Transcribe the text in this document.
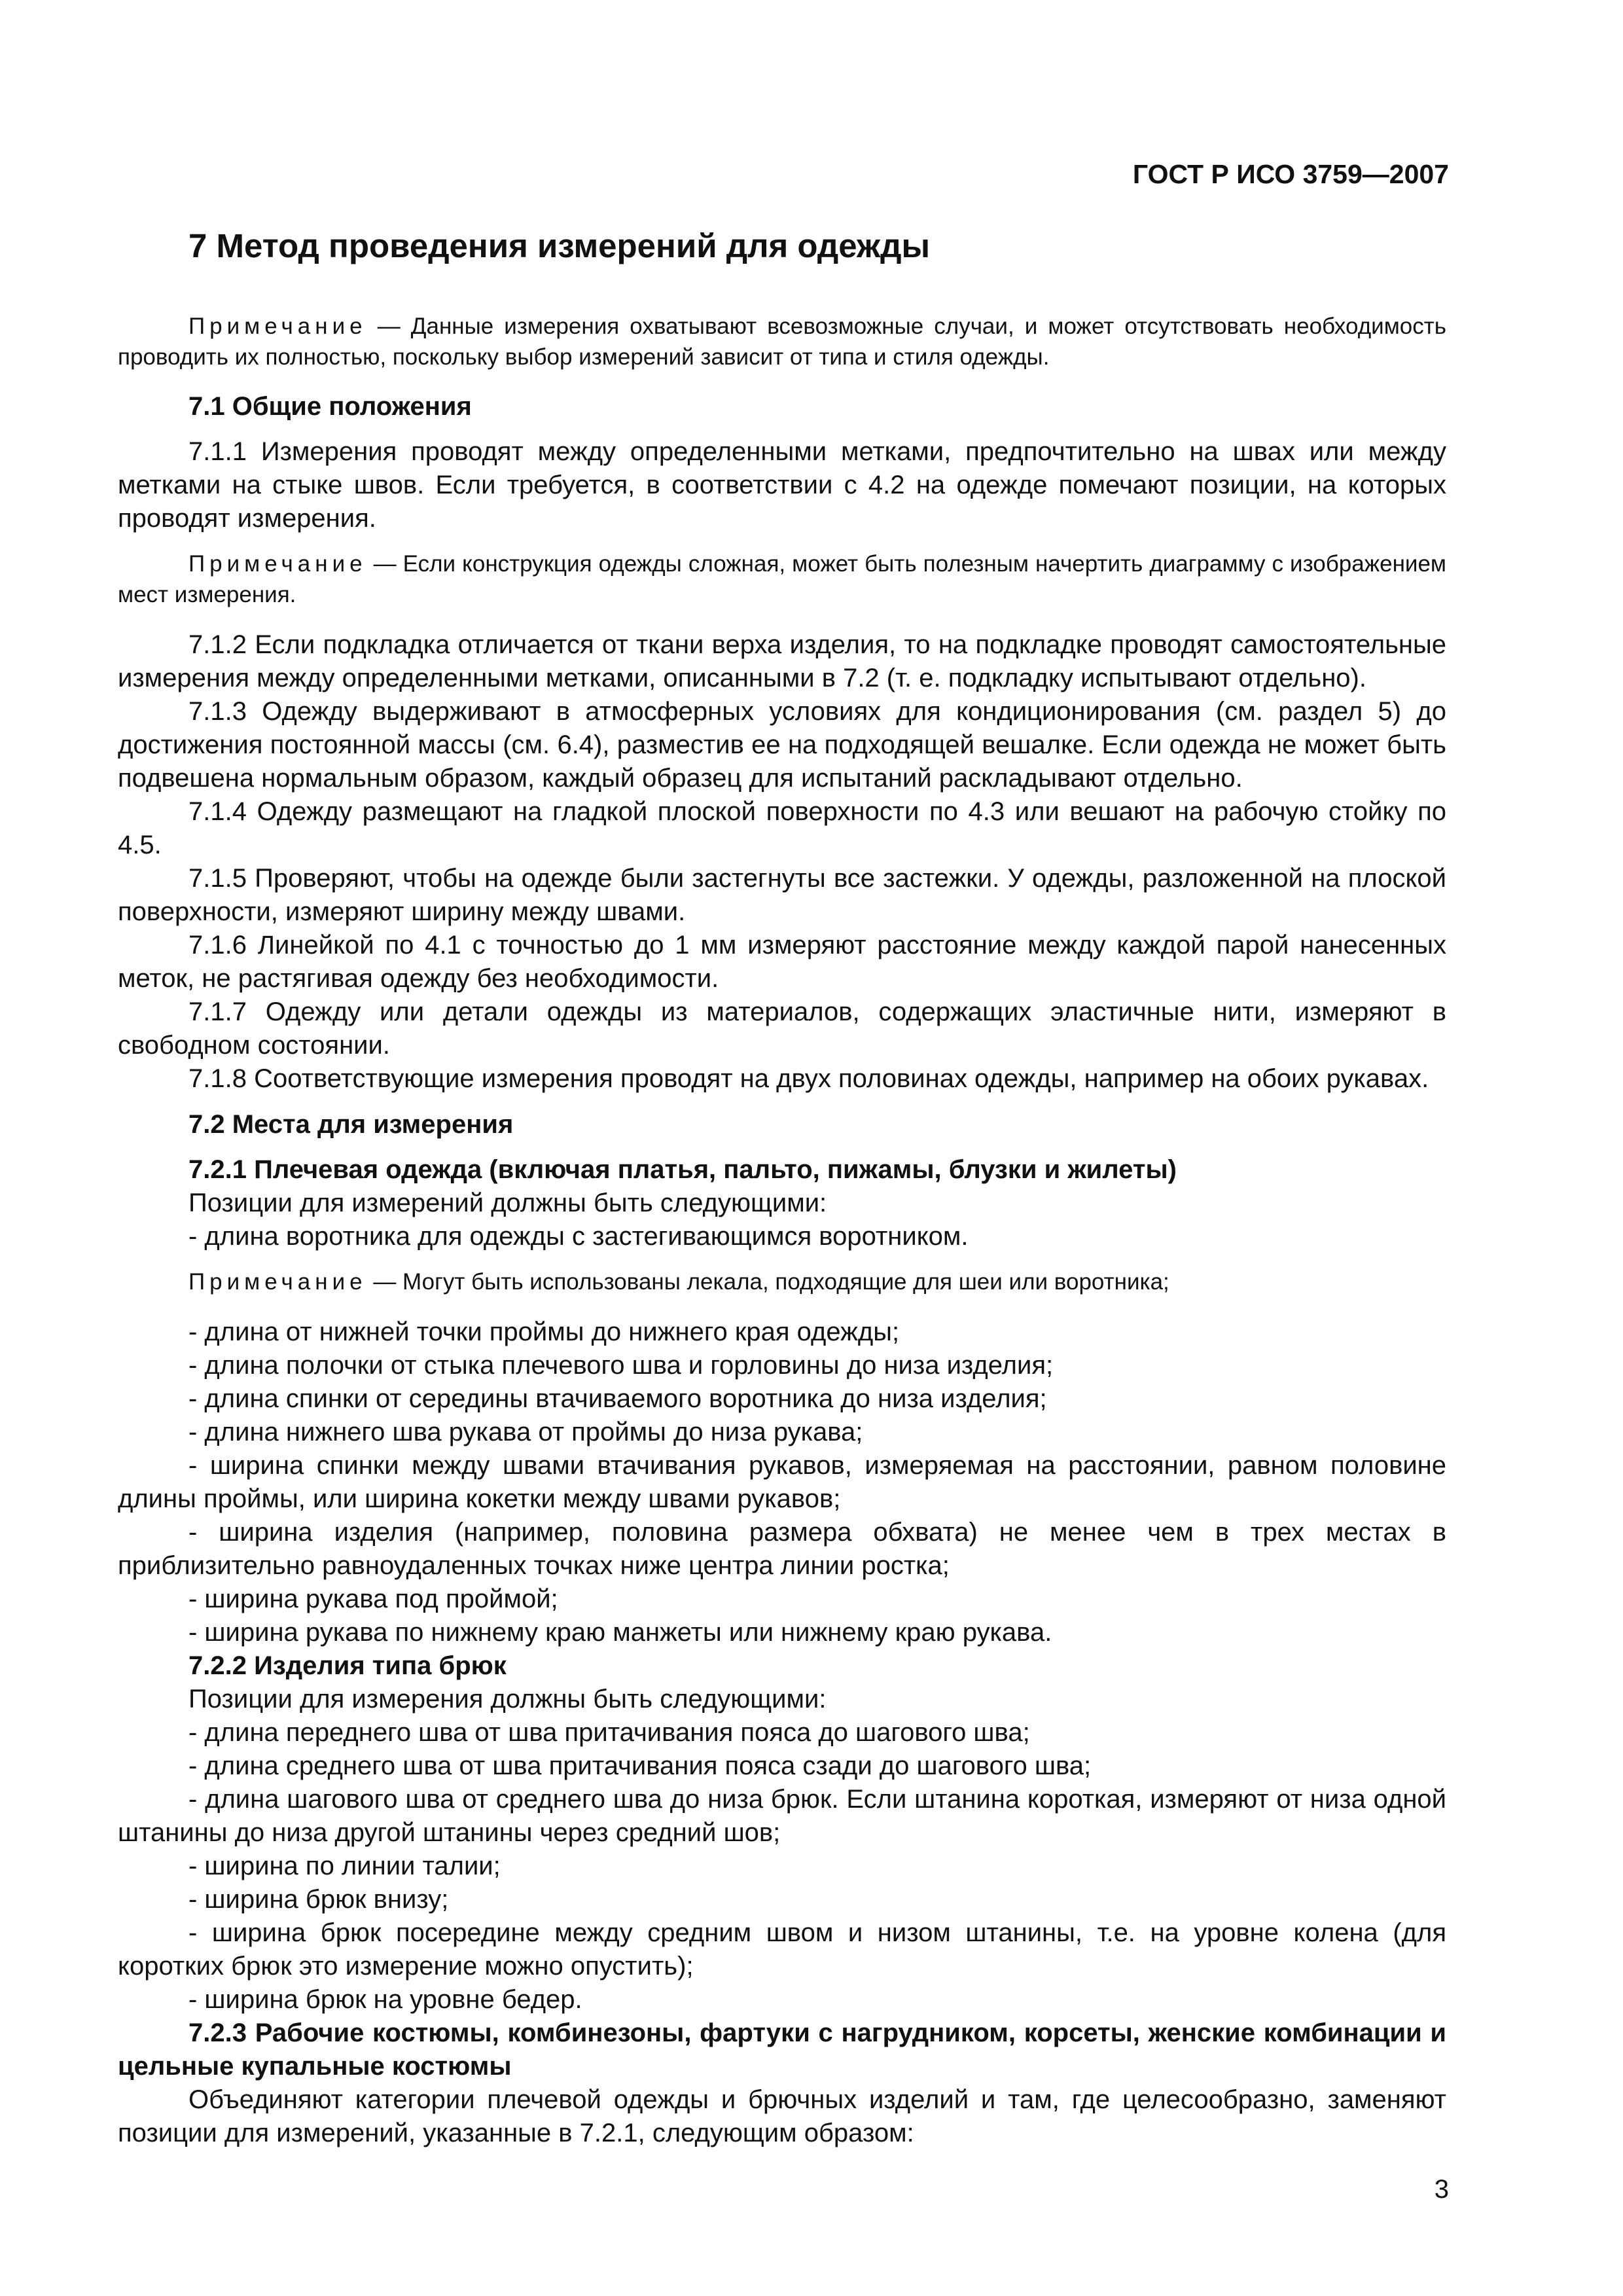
ГОСТ Р ИСО 3759—2007
7 Метод проведения измерений для одежды

Примечание — Данные измерения охватывают всевозможные случаи, и может отсутствовать необходимость проводить их полностью, поскольку выбор измерений зависит от типа и стиля одежды.

7.1 Общие положения

7.1.1 Измерения проводят между определенными метками, предпочтительно на швах или между метками на стыке швов. Если требуется, в соответствии с 4.2 на одежде помечают позиции, на которых проводят измерения.

Примечание — Если конструкция одежды сложная, может быть полезным начертить диаграмму с изображением мест измерения.

7.1.2 Если подкладка отличается от ткани верха изделия, то на подкладке проводят самостоятельные измерения между определенными метками, описанными в 7.2 (т. е. подкладку испытывают отдельно).

7.1.3 Одежду выдерживают в атмосферных условиях для кондиционирования (см. раздел 5) до достижения постоянной массы (см. 6.4), разместив ее на подходящей вешалке. Если одежда не может быть подвешена нормальным образом, каждый образец для испытаний раскладывают отдельно.

7.1.4 Одежду размещают на гладкой плоской поверхности по 4.3 или вешают на рабочую стойку по 4.5.

7.1.5 Проверяют, чтобы на одежде были застегнуты все застежки. У одежды, разложенной на плоской поверхности, измеряют ширину между швами.

7.1.6 Линейкой по 4.1 с точностью до 1 мм измеряют расстояние между каждой парой нанесенных меток, не растягивая одежду без необходимости.

7.1.7 Одежду или детали одежды из материалов, содержащих эластичные нити, измеряют в свободном состоянии.

7.1.8 Соответствующие измерения проводят на двух половинах одежды, например на обоих рукавах.

7.2 Места для измерения

7.2.1 Плечевая одежда (включая платья, пальто, пижамы, блузки и жилеты)

Позиции для измерений должны быть следующими:

- длина воротника для одежды с застегивающимся воротником.

Примечание — Могут быть использованы лекала, подходящие для шеи или воротника;

- длина от нижней точки проймы до нижнего края одежды;

- длина полочки от стыка плечевого шва и горловины до низа изделия;

- длина спинки от середины втачиваемого воротника до низа изделия;

- длина нижнего шва рукава от проймы до низа рукава;

- ширина спинки между швами втачивания рукавов, измеряемая на расстоянии, равном половине длины проймы, или ширина кокетки между швами рукавов;

- ширина изделия (например, половина размера обхвата) не менее чем в трех местах в приблизительно равноудаленных точках ниже центра линии ростка;

- ширина рукава под проймой;

- ширина рукава по нижнему краю манжеты или нижнему краю рукава.

7.2.2 Изделия типа брюк

Позиции для измерения должны быть следующими:

- длина переднего шва от шва притачивания пояса до шагового шва;

- длина среднего шва от шва притачивания пояса сзади до шагового шва;

- длина шагового шва от среднего шва до низа брюк. Если штанина короткая, измеряют от низа одной штанины до низа другой штанины через средний шов;

- ширина по линии талии;

- ширина брюк внизу;

- ширина брюк посередине между средним швом и низом штанины, т.е. на уровне колена (для коротких брюк это измерение можно опустить);

- ширина брюк на уровне бедер.

7.2.3 Рабочие костюмы, комбинезоны, фартуки с нагрудником, корсеты, женские комбинации и цельные купальные костюмы

Объединяют категории плечевой одежды и брючных изделий и там, где целесообразно, заменяют позиции для измерений, указанные в 7.2.1, следующим образом:

3
